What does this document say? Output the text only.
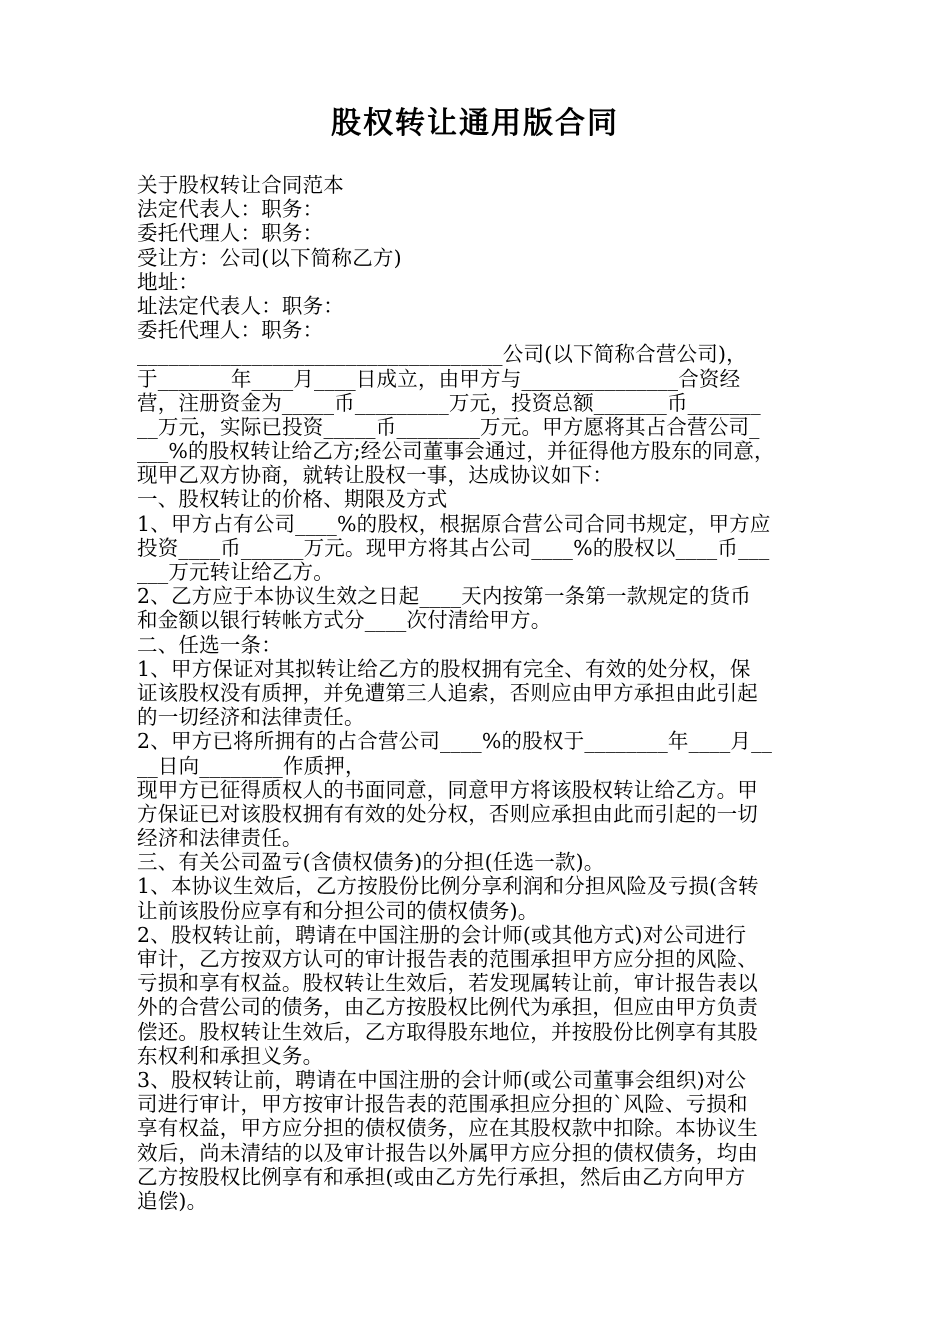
股权转让通用版合同
关于股权转让合同范本
法定代表人：职务：
委托代理人：职务：
受让方：公司(以下简称乙方)
地址：
址法定代表人：职务：
委托代理人：职务：
___________________________________公司(以下简称合营公司)，
于_______年____月____日成立，由甲方与_______________合资经
营，注册资金为_____币_________万元，投资总额_______币_______
__万元，实际已投资_____币________万元。甲方愿将其占合营公司_
___%的股权转让给乙方;经公司董事会通过，并征得他方股东的同意，
现甲乙双方协商，就转让股权一事，达成协议如下：
一、股权转让的价格、期限及方式
1、甲方占有公司____%的股权，根据原合营公司合同书规定，甲方应
投资____币______万元。现甲方将其占公司____%的股权以____币___
___万元转让给乙方。
2、乙方应于本协议生效之日起____天内按第一条第一款规定的货币
和金额以银行转帐方式分____次付清给甲方。
二、任选一条：
1、甲方保证对其拟转让给乙方的股权拥有完全、有效的处分权，保
证该股权没有质押，并免遭第三人追索，否则应由甲方承担由此引起
的一切经济和法律责任。
2、甲方已将所拥有的占合营公司____%的股权于________年____月__
__日向________作质押，
现甲方已征得质权人的书面同意，同意甲方将该股权转让给乙方。甲
方保证已对该股权拥有有效的处分权，否则应承担由此而引起的一切
经济和法律责任。
三、有关公司盈亏(含债权债务)的分担(任选一款)。
1、本协议生效后，乙方按股份比例分享利润和分担风险及亏损(含转
让前该股份应享有和分担公司的债权债务)。
2、股权转让前，聘请在中国注册的会计师(或其他方式)对公司进行
审计，乙方按双方认可的审计报告表的范围承担甲方应分担的风险、
亏损和享有权益。股权转让生效后，若发现属转让前，审计报告表以
外的合营公司的债务，由乙方按股权比例代为承担，但应由甲方负责
偿还。股权转让生效后，乙方取得股东地位，并按股份比例享有其股
东权利和承担义务。
3、股权转让前，聘请在中国注册的会计师(或公司董事会组织)对公
司进行审计，甲方按审计报告表的范围承担应分担的`风险、亏损和
享有权益，甲方应分担的债权债务，应在其股权款中扣除。本协议生
效后，尚未清结的以及审计报告以外属甲方应分担的债权债务，均由
乙方按股权比例享有和承担(或由乙方先行承担，然后由乙方向甲方
追偿)。
